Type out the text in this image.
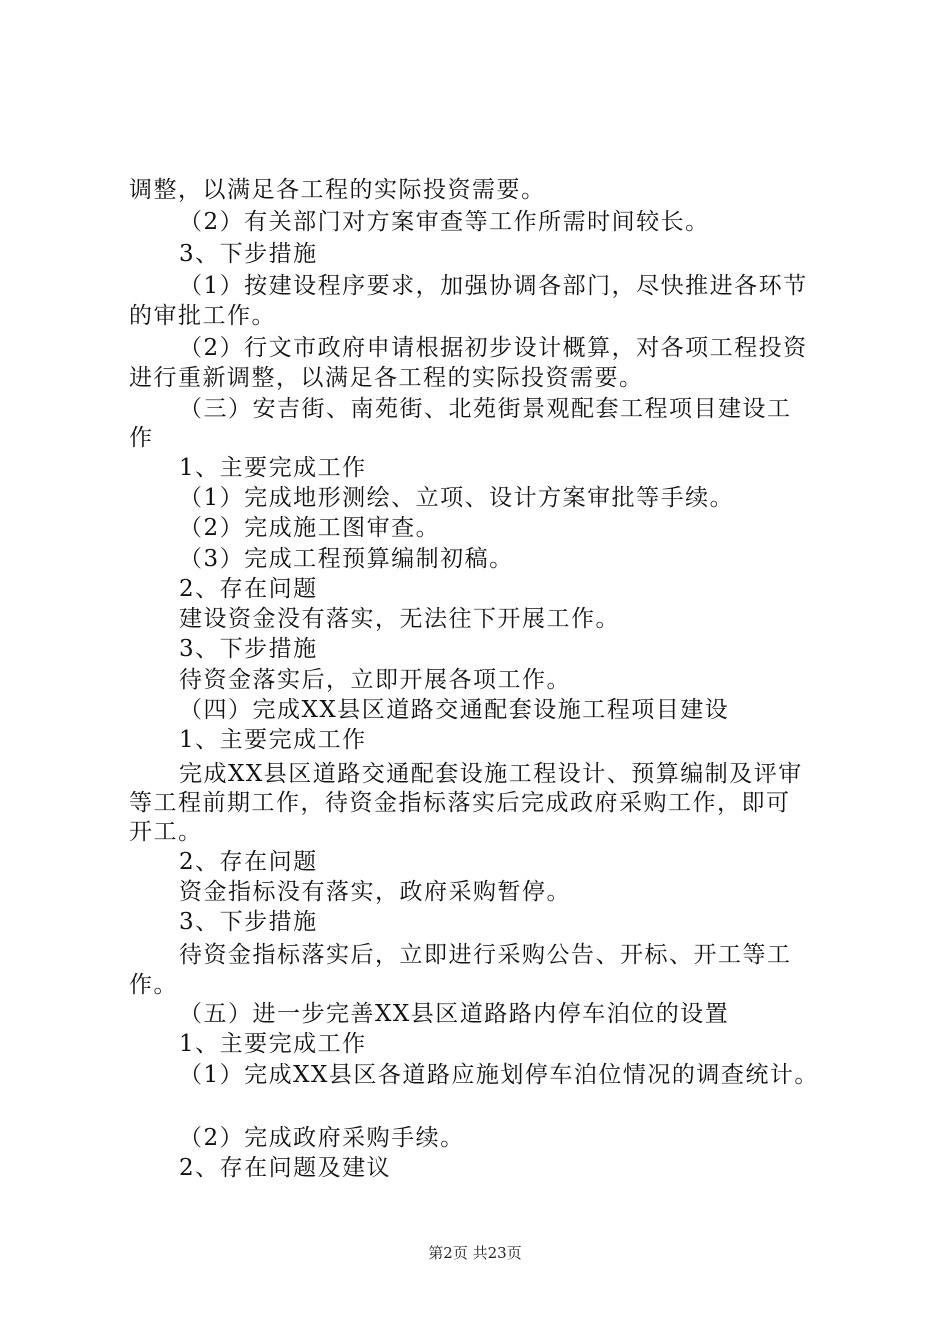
调整，以满足各工程的实际投资需要。
（2）有关部门对方案审查等工作所需时间较长。
3、下步措施
（1）按建设程序要求，加强协调各部门，尽快推进各环节
的审批工作。
（2）行文市政府申请根据初步设计概算，对各项工程投资
进行重新调整，以满足各工程的实际投资需要。
（三）安吉街、南苑街、北苑街景观配套工程项目建设工
作
1、主要完成工作
（1）完成地形测绘、立项、设计方案审批等手续。
（2）完成施工图审查。
（3）完成工程预算编制初稿。
2、存在问题
建设资金没有落实，无法往下开展工作。
3、下步措施
待资金落实后，立即开展各项工作。
（四）完成XX县区道路交通配套设施工程项目建设
1、主要完成工作
完成XX县区道路交通配套设施工程设计、预算编制及评审
等工程前期工作，待资金指标落实后完成政府采购工作，即可
开工。
2、存在问题
资金指标没有落实，政府采购暂停。
3、下步措施
待资金指标落实后，立即进行采购公告、开标、开工等工
作。
（五）进一步完善XX县区道路路内停车泊位的设置
1、主要完成工作
（1）完成XX县区各道路应施划停车泊位情况的调查统计。
（2）完成政府采购手续。
2、存在问题及建议
第2页 共23页
